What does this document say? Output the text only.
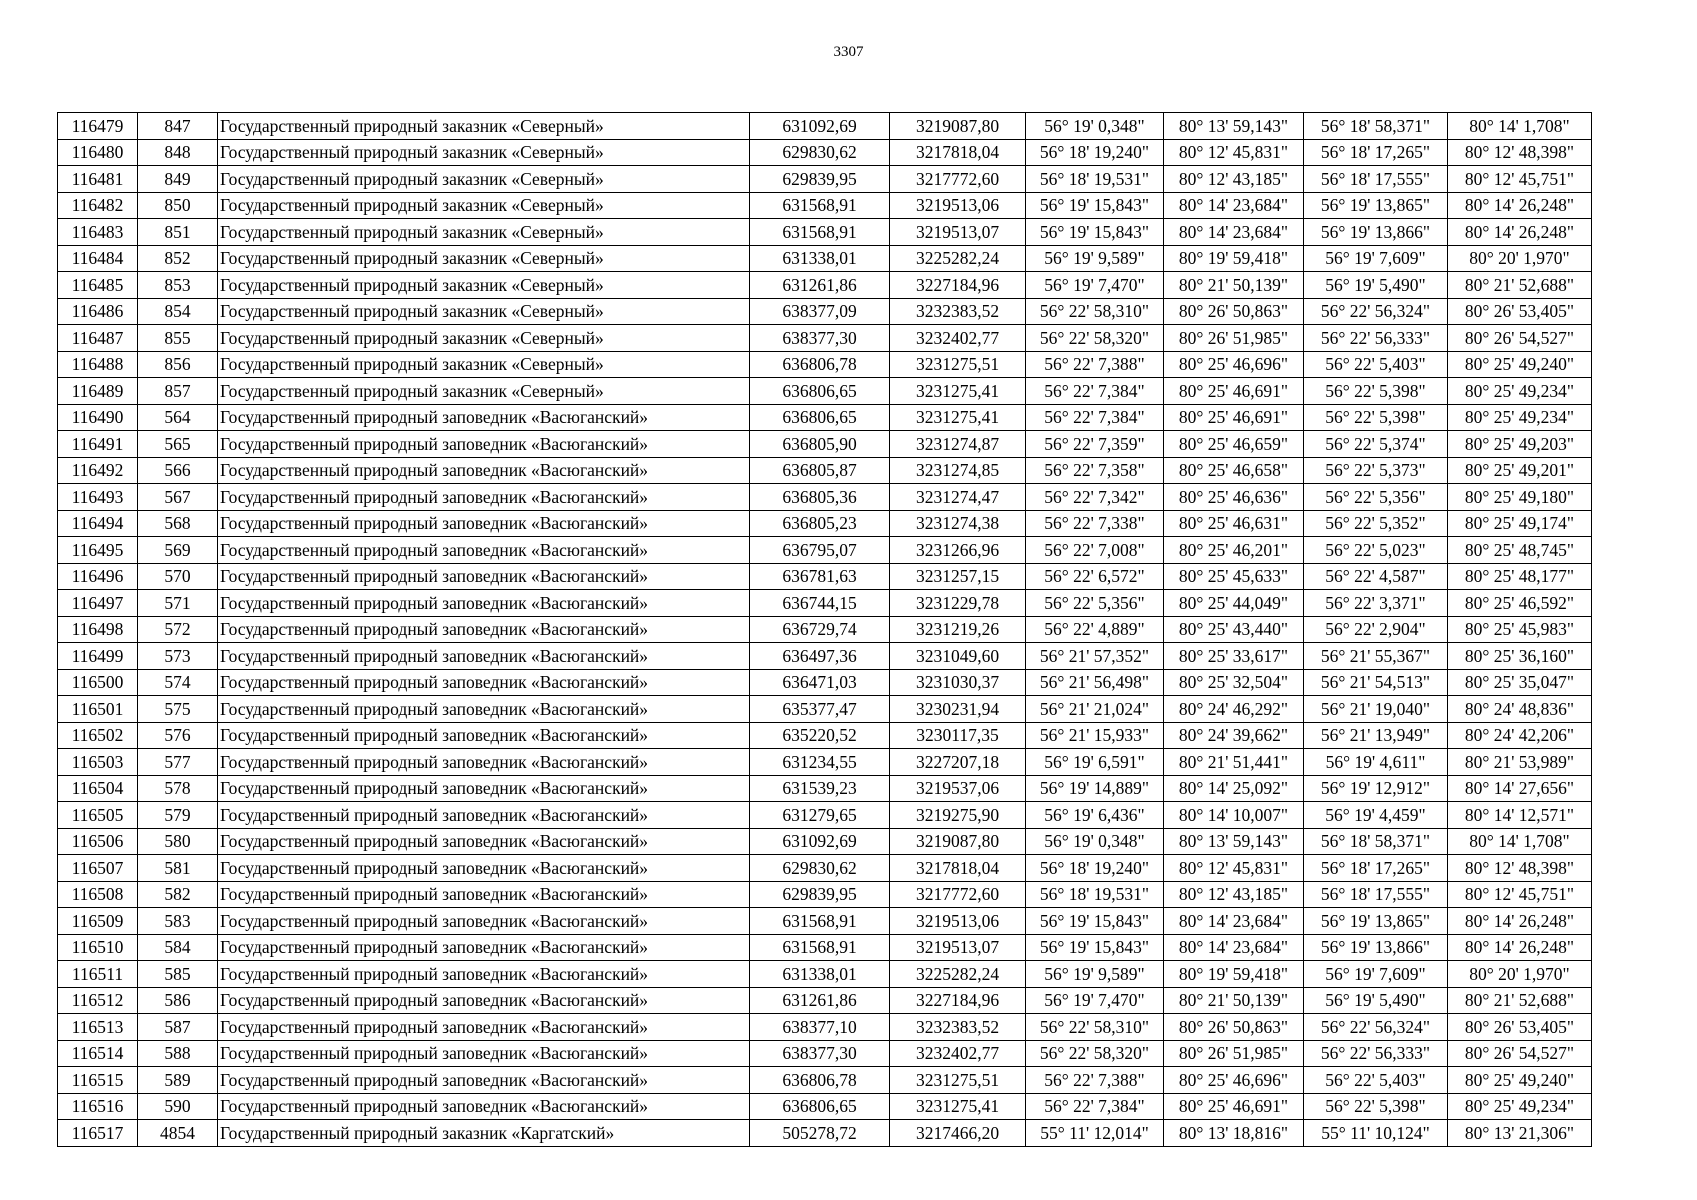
3307
116479	847	Государственный природный заказник «Северный»	631092,69	3219087,80	56° 19' 0,348"	80° 13' 59,143"	56° 18' 58,371"	80° 14' 1,708"
116480	848	Государственный природный заказник «Северный»	629830,62	3217818,04	56° 18' 19,240"	80° 12' 45,831"	56° 18' 17,265"	80° 12' 48,398"
116481	849	Государственный природный заказник «Северный»	629839,95	3217772,60	56° 18' 19,531"	80° 12' 43,185"	56° 18' 17,555"	80° 12' 45,751"
116482	850	Государственный природный заказник «Северный»	631568,91	3219513,06	56° 19' 15,843"	80° 14' 23,684"	56° 19' 13,865"	80° 14' 26,248"
116483	851	Государственный природный заказник «Северный»	631568,91	3219513,07	56° 19' 15,843"	80° 14' 23,684"	56° 19' 13,866"	80° 14' 26,248"
116484	852	Государственный природный заказник «Северный»	631338,01	3225282,24	56° 19' 9,589"	80° 19' 59,418"	56° 19' 7,609"	80° 20' 1,970"
116485	853	Государственный природный заказник «Северный»	631261,86	3227184,96	56° 19' 7,470"	80° 21' 50,139"	56° 19' 5,490"	80° 21' 52,688"
116486	854	Государственный природный заказник «Северный»	638377,09	3232383,52	56° 22' 58,310"	80° 26' 50,863"	56° 22' 56,324"	80° 26' 53,405"
116487	855	Государственный природный заказник «Северный»	638377,30	3232402,77	56° 22' 58,320"	80° 26' 51,985"	56° 22' 56,333"	80° 26' 54,527"
116488	856	Государственный природный заказник «Северный»	636806,78	3231275,51	56° 22' 7,388"	80° 25' 46,696"	56° 22' 5,403"	80° 25' 49,240"
116489	857	Государственный природный заказник «Северный»	636806,65	3231275,41	56° 22' 7,384"	80° 25' 46,691"	56° 22' 5,398"	80° 25' 49,234"
116490	564	Государственный природный заповедник «Васюганский»	636806,65	3231275,41	56° 22' 7,384"	80° 25' 46,691"	56° 22' 5,398"	80° 25' 49,234"
116491	565	Государственный природный заповедник «Васюганский»	636805,90	3231274,87	56° 22' 7,359"	80° 25' 46,659"	56° 22' 5,374"	80° 25' 49,203"
116492	566	Государственный природный заповедник «Васюганский»	636805,87	3231274,85	56° 22' 7,358"	80° 25' 46,658"	56° 22' 5,373"	80° 25' 49,201"
116493	567	Государственный природный заповедник «Васюганский»	636805,36	3231274,47	56° 22' 7,342"	80° 25' 46,636"	56° 22' 5,356"	80° 25' 49,180"
116494	568	Государственный природный заповедник «Васюганский»	636805,23	3231274,38	56° 22' 7,338"	80° 25' 46,631"	56° 22' 5,352"	80° 25' 49,174"
116495	569	Государственный природный заповедник «Васюганский»	636795,07	3231266,96	56° 22' 7,008"	80° 25' 46,201"	56° 22' 5,023"	80° 25' 48,745"
116496	570	Государственный природный заповедник «Васюганский»	636781,63	3231257,15	56° 22' 6,572"	80° 25' 45,633"	56° 22' 4,587"	80° 25' 48,177"
116497	571	Государственный природный заповедник «Васюганский»	636744,15	3231229,78	56° 22' 5,356"	80° 25' 44,049"	56° 22' 3,371"	80° 25' 46,592"
116498	572	Государственный природный заповедник «Васюганский»	636729,74	3231219,26	56° 22' 4,889"	80° 25' 43,440"	56° 22' 2,904"	80° 25' 45,983"
116499	573	Государственный природный заповедник «Васюганский»	636497,36	3231049,60	56° 21' 57,352"	80° 25' 33,617"	56° 21' 55,367"	80° 25' 36,160"
116500	574	Государственный природный заповедник «Васюганский»	636471,03	3231030,37	56° 21' 56,498"	80° 25' 32,504"	56° 21' 54,513"	80° 25' 35,047"
116501	575	Государственный природный заповедник «Васюганский»	635377,47	3230231,94	56° 21' 21,024"	80° 24' 46,292"	56° 21' 19,040"	80° 24' 48,836"
116502	576	Государственный природный заповедник «Васюганский»	635220,52	3230117,35	56° 21' 15,933"	80° 24' 39,662"	56° 21' 13,949"	80° 24' 42,206"
116503	577	Государственный природный заповедник «Васюганский»	631234,55	3227207,18	56° 19' 6,591"	80° 21' 51,441"	56° 19' 4,611"	80° 21' 53,989"
116504	578	Государственный природный заповедник «Васюганский»	631539,23	3219537,06	56° 19' 14,889"	80° 14' 25,092"	56° 19' 12,912"	80° 14' 27,656"
116505	579	Государственный природный заповедник «Васюганский»	631279,65	3219275,90	56° 19' 6,436"	80° 14' 10,007"	56° 19' 4,459"	80° 14' 12,571"
116506	580	Государственный природный заповедник «Васюганский»	631092,69	3219087,80	56° 19' 0,348"	80° 13' 59,143"	56° 18' 58,371"	80° 14' 1,708"
116507	581	Государственный природный заповедник «Васюганский»	629830,62	3217818,04	56° 18' 19,240"	80° 12' 45,831"	56° 18' 17,265"	80° 12' 48,398"
116508	582	Государственный природный заповедник «Васюганский»	629839,95	3217772,60	56° 18' 19,531"	80° 12' 43,185"	56° 18' 17,555"	80° 12' 45,751"
116509	583	Государственный природный заповедник «Васюганский»	631568,91	3219513,06	56° 19' 15,843"	80° 14' 23,684"	56° 19' 13,865"	80° 14' 26,248"
116510	584	Государственный природный заповедник «Васюганский»	631568,91	3219513,07	56° 19' 15,843"	80° 14' 23,684"	56° 19' 13,866"	80° 14' 26,248"
116511	585	Государственный природный заповедник «Васюганский»	631338,01	3225282,24	56° 19' 9,589"	80° 19' 59,418"	56° 19' 7,609"	80° 20' 1,970"
116512	586	Государственный природный заповедник «Васюганский»	631261,86	3227184,96	56° 19' 7,470"	80° 21' 50,139"	56° 19' 5,490"	80° 21' 52,688"
116513	587	Государственный природный заповедник «Васюганский»	638377,10	3232383,52	56° 22' 58,310"	80° 26' 50,863"	56° 22' 56,324"	80° 26' 53,405"
116514	588	Государственный природный заповедник «Васюганский»	638377,30	3232402,77	56° 22' 58,320"	80° 26' 51,985"	56° 22' 56,333"	80° 26' 54,527"
116515	589	Государственный природный заповедник «Васюганский»	636806,78	3231275,51	56° 22' 7,388"	80° 25' 46,696"	56° 22' 5,403"	80° 25' 49,240"
116516	590	Государственный природный заповедник «Васюганский»	636806,65	3231275,41	56° 22' 7,384"	80° 25' 46,691"	56° 22' 5,398"	80° 25' 49,234"
116517	4854	Государственный природный заказник «Каргатский»	505278,72	3217466,20	55° 11' 12,014"	80° 13' 18,816"	55° 11' 10,124"	80° 13' 21,306"
